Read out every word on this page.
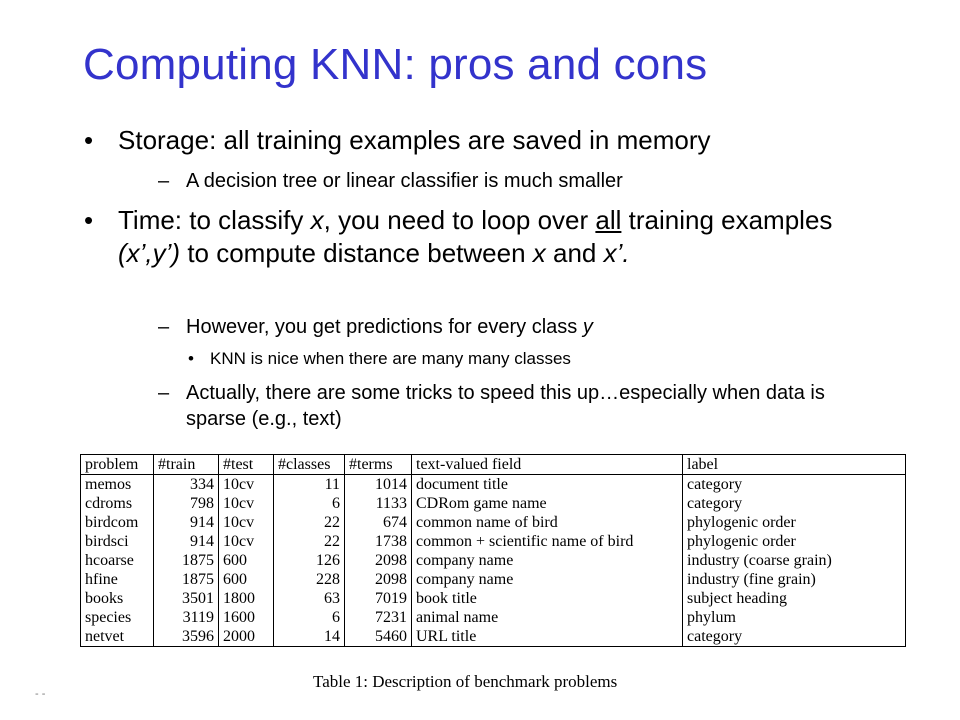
Computing KNN: pros and cons
• Storage: all training examples are saved in memory
– A decision tree or linear classifier is much smaller
• Time: to classify x, you need to loop over all training examples (x’,y’) to compute distance between x and x’.
– However, you get predictions for every class y
• KNN is nice when there are many many classes
– Actually, there are some tricks to speed this up…especially when data is sparse (e.g., text)
problem	#train	#test	#classes	#terms	text-valued field	label
memos	334	10cv	11	1014	document title	category
cdroms	798	10cv	6	1133	CDRom game name	category
birdcom	914	10cv	22	674	common name of bird	phylogenic order
birdsci	914	10cv	22	1738	common + scientific name of bird	phylogenic order
hcoarse	1875	600	126	2098	company name	industry (coarse grain)
hfine	1875	600	228	2098	company name	industry (fine grain)
books	3501	1800	63	7019	book title	subject heading
species	3119	1600	6	7231	animal name	phylum
netvet	3596	2000	14	5460	URL title	category
Table 1: Description of benchmark problems
- -
